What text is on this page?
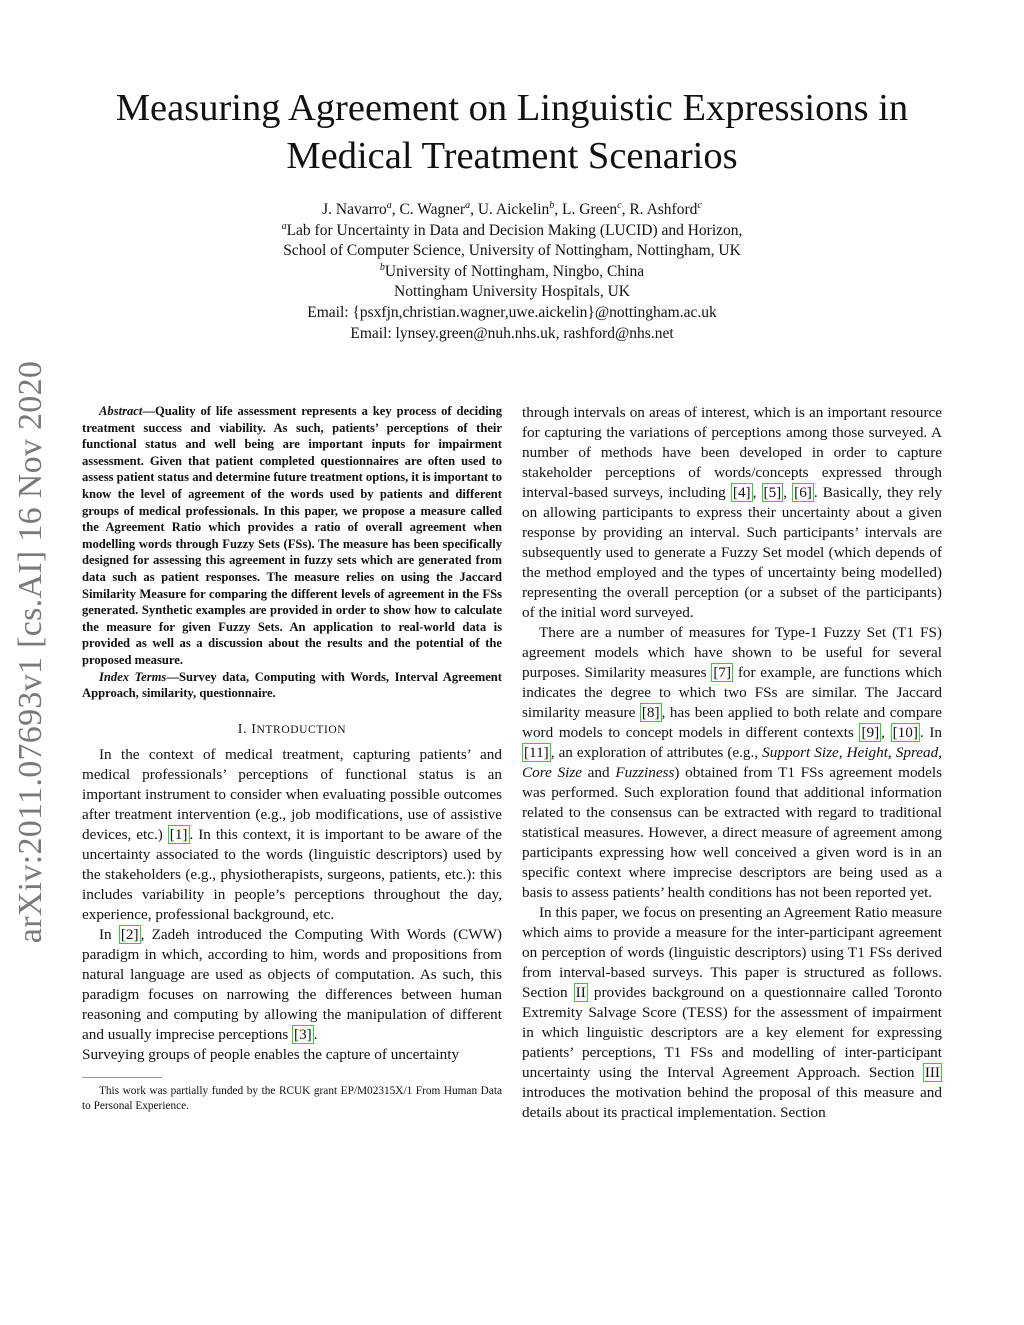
Measuring Agreement on Linguistic Expressions in
Medical Treatment Scenarios
J. Navarro$^a$, C. Wagner$^a$, U. Aickelin$^b$, L. Green$^c$, R. Ashford$^c$
$^a$Lab for Uncertainty in Data and Decision Making (LUCID) and Horizon,
School of Computer Science, University of Nottingham, Nottingham, UK
$^b$University of Nottingham, Ningbo, China
Nottingham University Hospitals, UK
Email: {psxfjn,christian.wagner,uwe.aickelin}@nottingham.ac.uk
Email: lynsey.green@nuh.nhs.uk, rashford@nhs.net
arXiv:2011.07693v1 [cs.AI] 16 Nov 2020	Abstract—Quality of life assessment represents a key process of deciding treatment success and viability. As such, patients’ perceptions of their functional status and well being are important inputs for impairment assessment. Given that patient completed questionnaires are often used to assess patient status and determine future treatment options, it is important to know the level of agreement of the words used by patients and different groups of medical professionals. In this paper, we propose a measure called the Agreement Ratio which provides a ratio of overall agreement when modelling words through Fuzzy Sets (FSs). The measure has been specifically designed for assessing this agreement in fuzzy sets which are generated from data such as patient responses. The measure relies on using the Jaccard Similarity Measure for comparing the different levels of agreement in the FSs generated. Synthetic examples are provided in order to show how to calculate the measure for given Fuzzy Sets. An application to real-world data is provided as well as a discussion about the results and the potential of the proposed measure.

Index Terms—Survey data, Computing with Words, Interval Agreement Approach, similarity, questionnaire.

I. INTRODUCTION

In the context of medical treatment, capturing patients’ and medical professionals’ perceptions of functional status is an important instrument to consider when evaluating possible outcomes after treatment intervention (e.g., job modifications, use of assistive devices, etc.) [1] . In this context, it is important to be aware of the uncertainty associated to the words (linguistic descriptors) used by the stakeholders (e.g., physiotherapists, surgeons, patients, etc.): this includes variability in people’s perceptions throughout the day, experience, professional background, etc.

In [2] , Zadeh introduced the Computing With Words (CWW) paradigm in which, according to him, words and propositions from natural language are used as objects of computation. As such, this paradigm focuses on narrowing the differences between human reasoning and computing by allowing the manipulation of different and usually imprecise perceptions [3] .

Surveying groups of people enables the capture of uncertainty

This work was partially funded by the RCUK grant EP/M02315X/1 From Human Data to Personal Experience.

through intervals on areas of interest, which is an important resource for capturing the variations of perceptions among those surveyed. A number of methods have been developed in order to capture stakeholder perceptions of words/concepts expressed through interval-based surveys, including [4] , [5] , [6] . Basically, they rely on allowing participants to express their uncertainty about a given response by providing an interval. Such participants’ intervals are subsequently used to generate a Fuzzy Set model (which depends of the method employed and the types of uncertainty being modelled) representing the overall perception (or a subset of the participants) of the initial word surveyed.

There are a number of measures for Type-1 Fuzzy Set (T1 FS) agreement models which have shown to be useful for several purposes. Similarity measures [7] for example, are functions which indicates the degree to which two FSs are similar. The Jaccard similarity measure [8] , has been applied to both relate and compare word models to concept models in different contexts [9] , [10] . In [11] , an exploration of attributes (e.g., Support Size, Height, Spread, Core Size and Fuzziness) obtained from T1 FSs agreement models was performed. Such exploration found that additional information related to the consensus can be extracted with regard to traditional statistical measures. However, a direct measure of agreement among participants expressing how well conceived a given word is in an specific context where imprecise descriptors are being used as a basis to assess patients’ health conditions has not been reported yet.

In this paper, we focus on presenting an Agreement Ratio measure which aims to provide a measure for the inter-participant agreement on perception of words (linguistic descriptors) using T1 FSs derived from interval-based surveys. This paper is structured as follows. Section II provides background on a questionnaire called Toronto Extremity Salvage Score (TESS) for the assessment of impairment in which linguistic descriptors are a key element for expressing patients’ perceptions, T1 FSs and modelling of inter-participant uncertainty using the Interval Agreement Approach. Section III introduces the motivation behind the proposal of this measure and details about its practical implementation. Section
